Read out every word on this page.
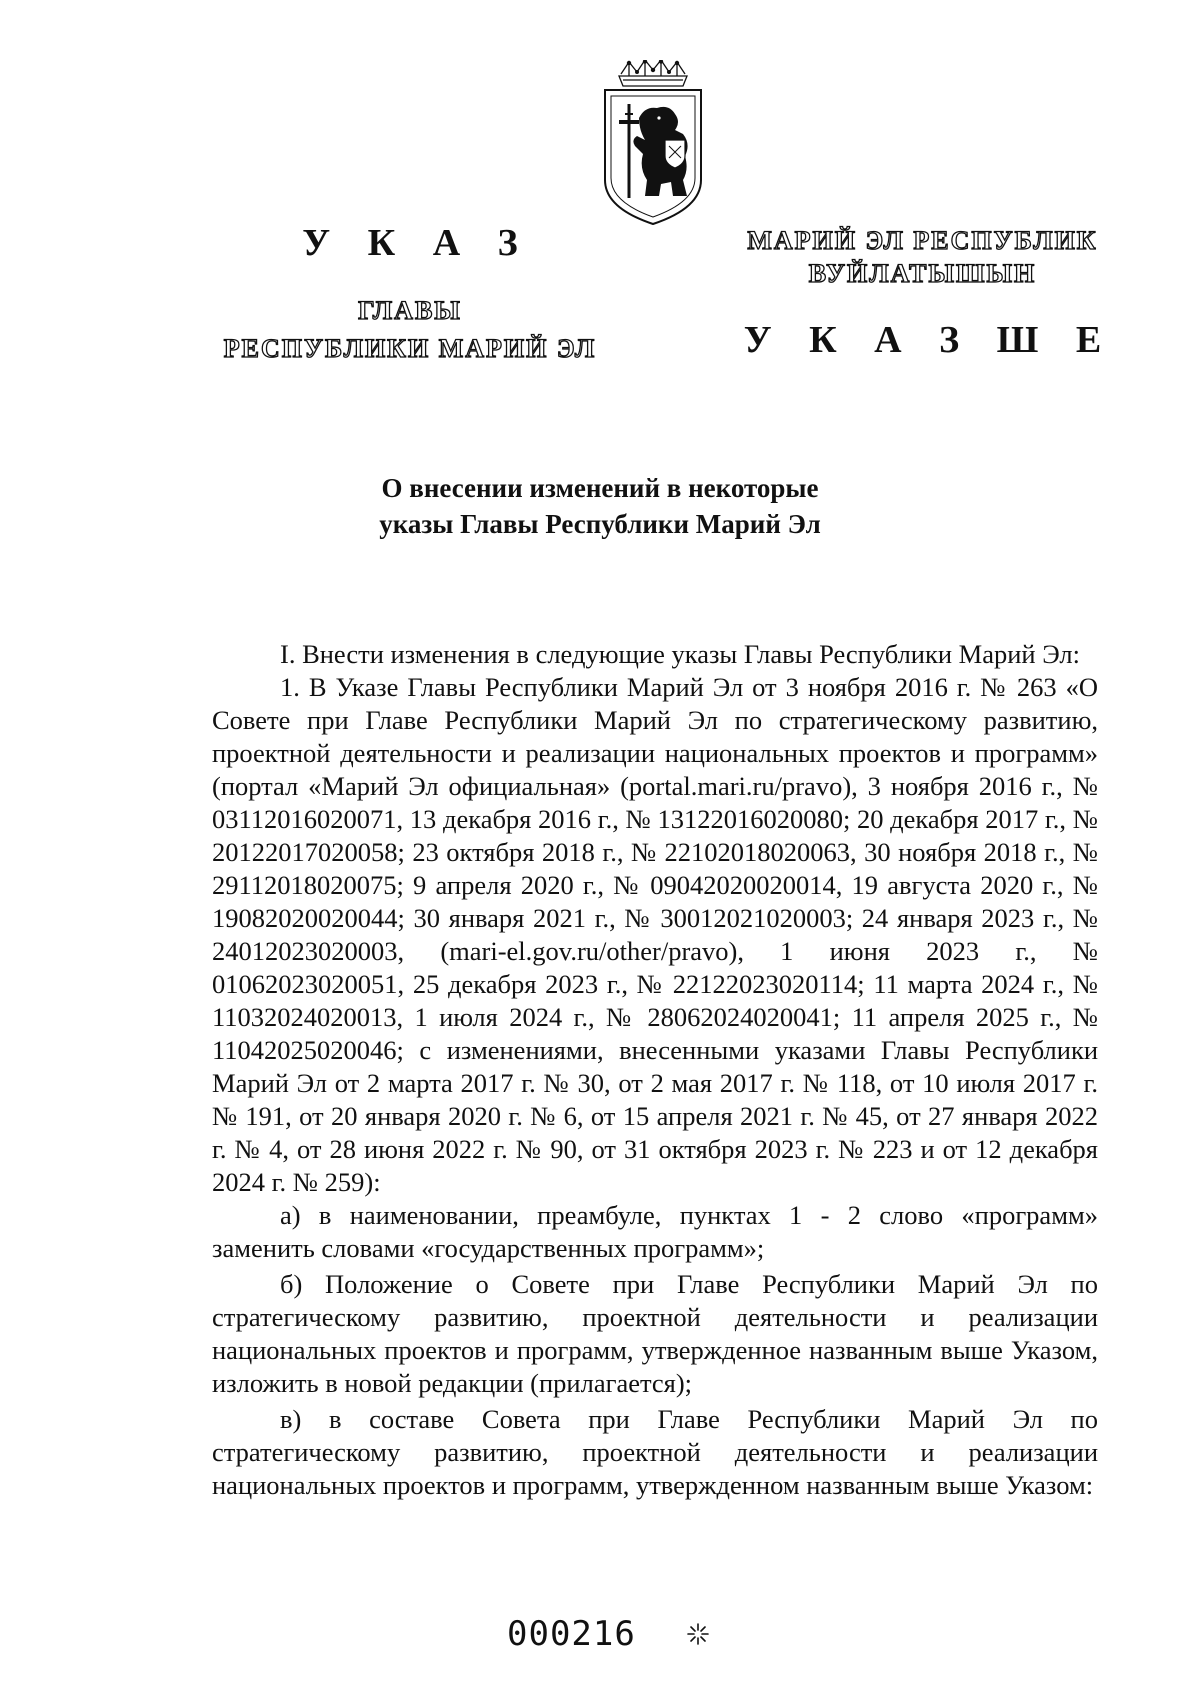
У К А З
ГЛАВЫ
РЕСПУБЛИКИ МАРИЙ ЭЛ
МАРИЙ ЭЛ РЕСПУБЛИК
ВУЙЛАТЫШЫН
У К А З Ш Е
О внесении изменений в некоторые
указы Главы Республики Марий Эл

I. Внести изменения в следующие указы Главы Республики Марий Эл:

1. В Указе Главы Республики Марий Эл от 3 ноября 2016 г. № 263 «О Совете при Главе Республики Марий Эл по стратегическому развитию, проектной деятельности и реализации национальных проектов и программ» (портал «Марий Эл официальная» (portal.mari.ru/pravo), 3 ноября 2016 г., № 03112016020071, 13 декабря 2016 г., № 13122016020080; 20 декабря 2017 г., № 20122017020058; 23 октября 2018 г., № 22102018020063, 30 ноября 2018 г., № 29112018020075; 9 апреля 2020 г., № 09042020020014, 19 августа 2020 г., № 19082020020044; 30 января 2021 г., № 30012021020003; 24 января 2023 г., № 24012023020003, (mari-el.gov.ru/other/pravo), 1 июня 2023 г., № 01062023020051, 25 декабря 2023 г., № 22122023020114; 11 марта 2024 г., № 11032024020013, 1 июля 2024 г., № 28062024020041; 11 апреля 2025 г., № 11042025020046; с изменениями, внесенными указами Главы Республики Марий Эл от 2 марта 2017 г. № 30, от 2 мая 2017 г. № 118, от 10 июля 2017 г. № 191, от 20 января 2020 г. № 6, от 15 апреля 2021 г. № 45, от 27 января 2022 г. № 4, от 28 июня 2022 г. № 90, от 31 октября 2023 г. № 223 и от 12 декабря 2024 г. № 259):

а) в наименовании, преамбуле, пунктах 1 - 2 слово «программ» заменить словами «государственных программ»;

б) Положение о Совете при Главе Республики Марий Эл по стратегическому развитию, проектной деятельности и реализации национальных проектов и программ, утвержденное названным выше Указом, изложить в новой редакции (прилагается);

в) в составе Совета при Главе Республики Марий Эл по стратегическому развитию, проектной деятельности и реализации национальных проектов и программ, утвержденном названным выше Указом:

000216
